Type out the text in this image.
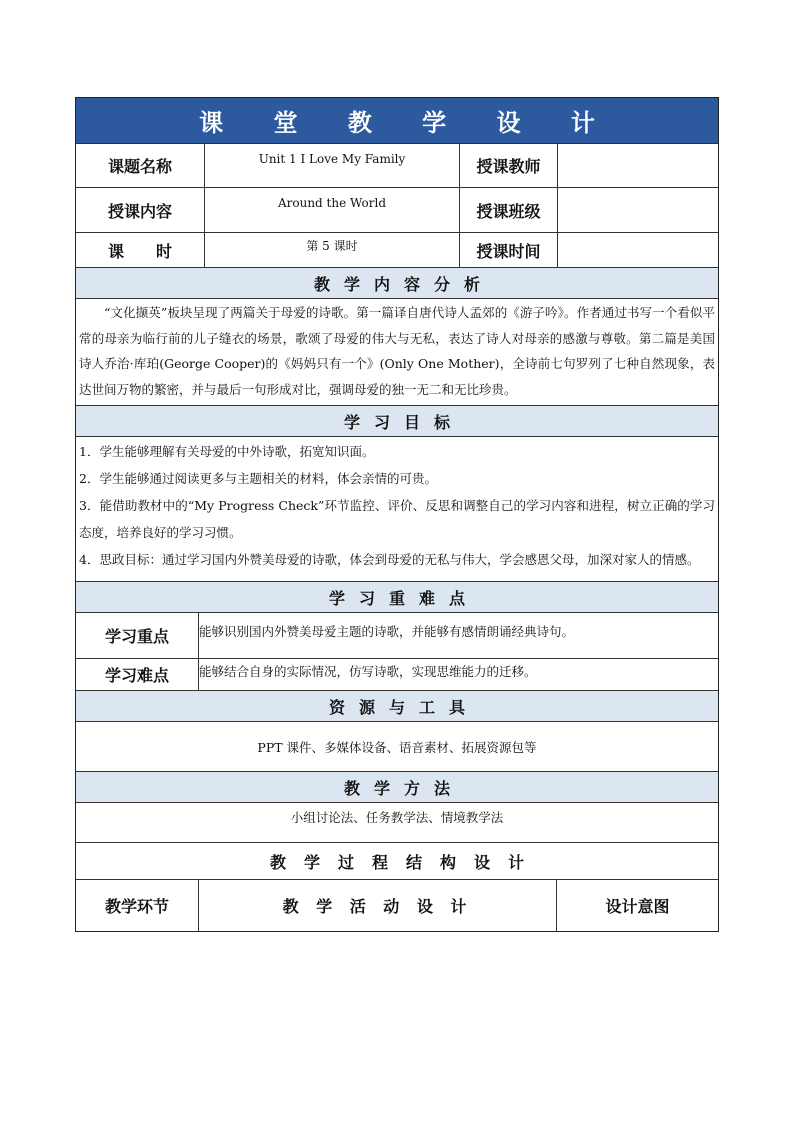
课 堂 教 学 设 计
课题名称	Unit 1 I Love My Family	授课教师
授课内容	Around the World	授课班级
课　　时	第 5 课时	授课时间
教学内容分析

“文化撷英”板块呈现了两篇关于母爱的诗歌。第一篇译自唐代诗人孟郊的《游子吟》。作者通过书写一个看似平常的母亲为临行前的儿子缝衣的场景，歌颂了母爱的伟大与无私，表达了诗人对母亲的感激与尊敬。第二篇是美国诗人乔治·库珀(George Cooper)的《妈妈只有一个》(Only One Mother)，全诗前七句罗列了七种自然现象，表达世间万物的繁密，并与最后一句形成对比，强调母爱的独一无二和无比珍贵。

学习目标

1．学生能够理解有关母爱的中外诗歌，拓宽知识面。

2．学生能够通过阅读更多与主题相关的材料，体会亲情的可贵。

3．能借助教材中的“My Progress Check”环节监控、评价、反思和调整自己的学习内容和进程，树立正确的学习态度，培养良好的学习习惯。

4．思政目标：通过学习国内外赞美母爱的诗歌，体会到母爱的无私与伟大，学会感恩父母，加深对家人的情感。

学习重难点
学习重点	能够识别国内外赞美母爱主题的诗歌，并能够有感情朗诵经典诗句。
学习难点	能够结合自身的实际情况，仿写诗歌，实现思维能力的迁移。
资源与工具
PPT 课件、多媒体设备、语音素材、拓展资源包等
教学方法
小组讨论法、任务教学法、情境教学法
教学过程结构设计
教学环节	教 学 活 动 设 计	设计意图
